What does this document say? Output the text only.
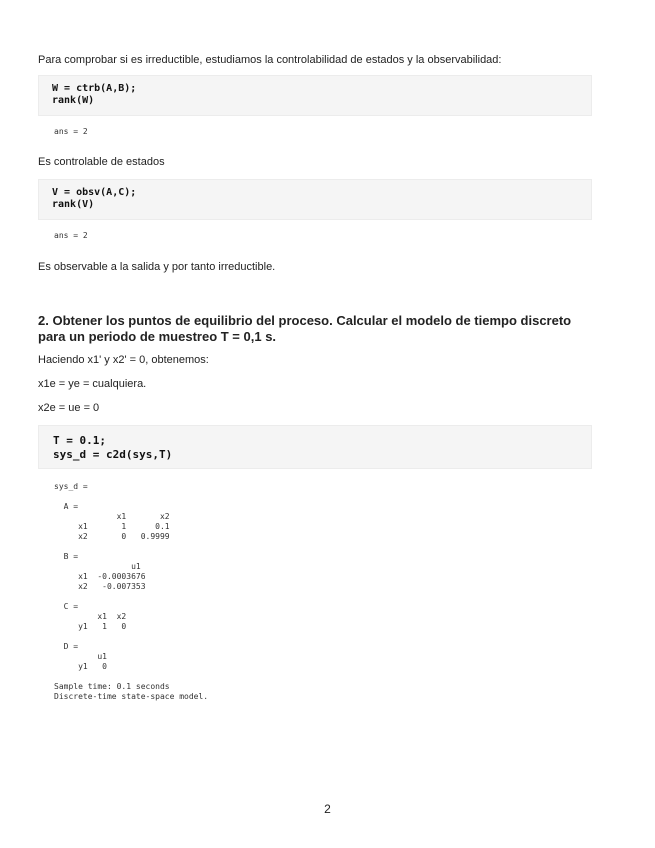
Para comprobar si es irreductible, estudiamos la controlabilidad de estados y la observabilidad:

W = ctrb(A,B);
rank(W)
ans = 2

Es controlable de estados

V = obsv(A,C);
rank(V)
ans = 2

Es observable a la salida y por tanto irreductible.

2. Obtener los puntos de equilibrio del proceso. Calcular el modelo de tiempo discreto para un periodo de muestreo T = 0,1 s.

Haciendo x1' y x2' = 0, obtenemos:

x1e = ye = cualquiera.

x2e = ue = 0

T = 0.1;
sys_d = c2d(sys,T)
sys_d =

A =
x1       x2
x1       1      0.1
x2       0   0.9999

B =
u1
x1  -0.0003676
x2   -0.007353

C =
x1  x2
y1   1   0

D =
u1
y1   0

Sample time: 0.1 seconds
Discrete-time state-space model.
2
